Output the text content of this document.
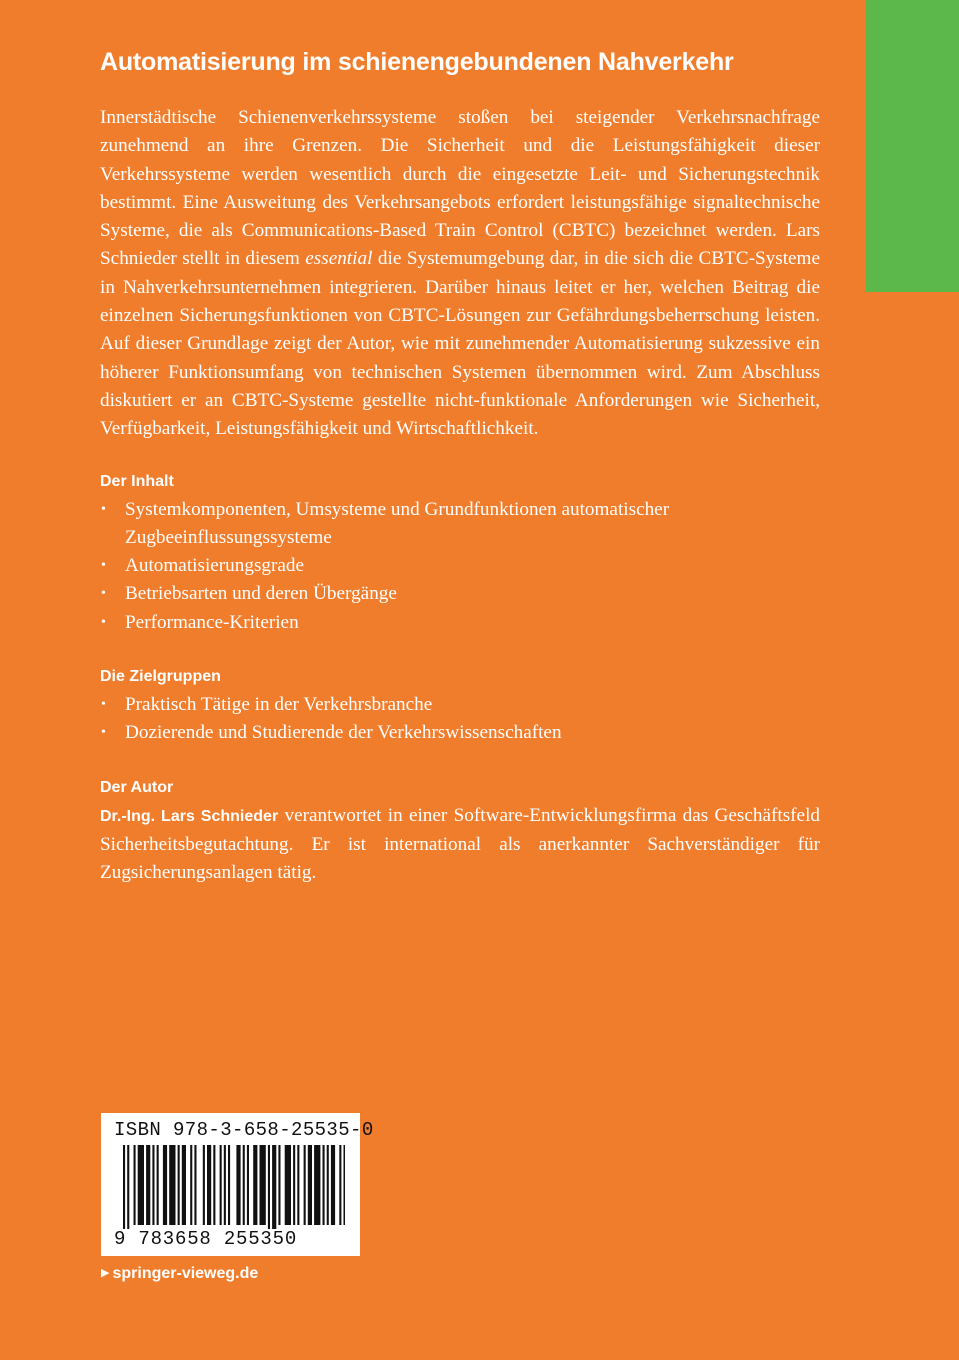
Automatisierung im schienengebundenen Nahverkehr

Innerstädtische Schienenverkehrssysteme stoßen bei steigender Verkehrsnachfrage zunehmend an ihre Grenzen. Die Sicherheit und die Leistungsfähigkeit dieser Verkehrssysteme werden wesentlich durch die eingesetzte Leit- und Sicherungstechnik bestimmt. Eine Ausweitung des Verkehrsangebots erfordert leistungsfähige signaltechnische Systeme, die als Communications-Based Train Control (CBTC) bezeichnet werden. Lars Schnieder stellt in diesem essential die Systemumgebung dar, in die sich die CBTC-Systeme in Nahverkehrsunternehmen integrieren. Darüber hinaus leitet er her, welchen Beitrag die einzelnen Sicherungsfunktionen von CBTC-Lösungen zur Gefährdungsbeherrschung leisten. Auf dieser Grundlage zeigt der Autor, wie mit zunehmender Automatisierung sukzessive ein höherer Funktionsumfang von technischen Systemen übernommen wird. Zum Abschluss diskutiert er an CBTC-Systeme gestellte nicht-funktionale Anforderungen wie Sicherheit, Verfügbarkeit, Leistungsfähigkeit und Wirtschaftlichkeit.

Der Inhalt
• Systemkomponenten, Umsysteme und Grundfunktionen automatischer Zugbeeinflussungssysteme
• Automatisierungsgrade
• Betriebsarten und deren Übergänge
• Performance-Kriterien
Die Zielgruppen
• Praktisch Tätige in der Verkehrsbranche
• Dozierende und Studierende der Verkehrswissenschaften
Der Autor

Dr.-Ing. Lars Schnieder verantwortet in einer Software-Entwicklungsfirma das Geschäftsfeld Sicherheitsbegutachtung. Er ist international als anerkannter Sachverständiger für Zugsicherungsanlagen tätig.

ISBN 978-3-658-25535-0
9 783658 255350
▶ springer-vieweg.de
